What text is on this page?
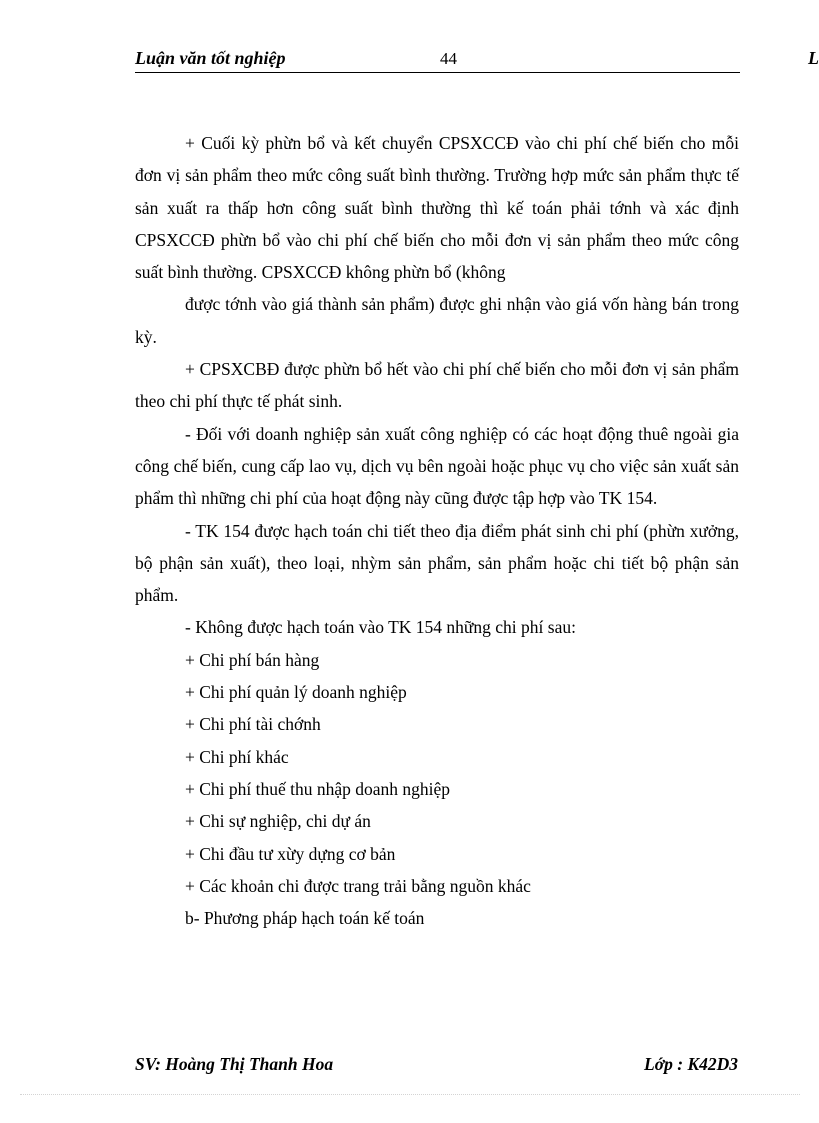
Luận văn tốt nghiệp	44	L

+ Cuối kỳ phừn bổ và kết chuyển CPSXCCĐ vào chi phí chế biến cho mỗi đơn vị sản phẩm theo mức công suất bình thường. Trường hợp mức sản phẩm thực tế sản xuất ra thấp hơn công suất bình thường thì kế toán phải tớnh và xác định CPSXCCĐ phừn bổ vào chi phí chế biến cho mỗi đơn vị sản phẩm theo mức công suất bình thường. CPSXCCĐ không phừn bổ (không

được tớnh vào giá thành sản phẩm) được ghi nhận vào giá vốn hàng bán trong kỳ.

+ CPSXCBĐ được phừn bổ hết vào chi phí chế biến cho mỗi đơn vị sản phẩm theo chi phí thực tế phát sinh.

- Đối với doanh nghiệp sản xuất công nghiệp có các hoạt động thuê ngoài gia công chế biến, cung cấp lao vụ, dịch vụ bên ngoài hoặc phục vụ cho việc sản xuất sản phẩm thì những chi phí của hoạt động này cũng được tập hợp vào TK 154.

- TK 154 được hạch toán chi tiết theo địa điểm phát sinh chi phí (phừn xưởng, bộ phận sản xuất), theo loại, nhỳm sản phẩm, sản phẩm hoặc chi tiết bộ phận sản phẩm.

- Không được hạch toán vào TK 154 những chi phí sau:

+ Chi phí bán hàng

+ Chi phí quản lý doanh nghiệp

+ Chi phí tài chớnh

+ Chi phí khác

+ Chi phí thuế thu nhập doanh nghiệp

+ Chi sự nghiệp, chi dự án

+ Chi đầu tư xừy dựng cơ bản

+ Các khoản chi được trang trải bằng nguồn khác

b- Phương pháp hạch toán kế toán

SV: Hoàng Thị Thanh Hoa	Lớp : K42D3
